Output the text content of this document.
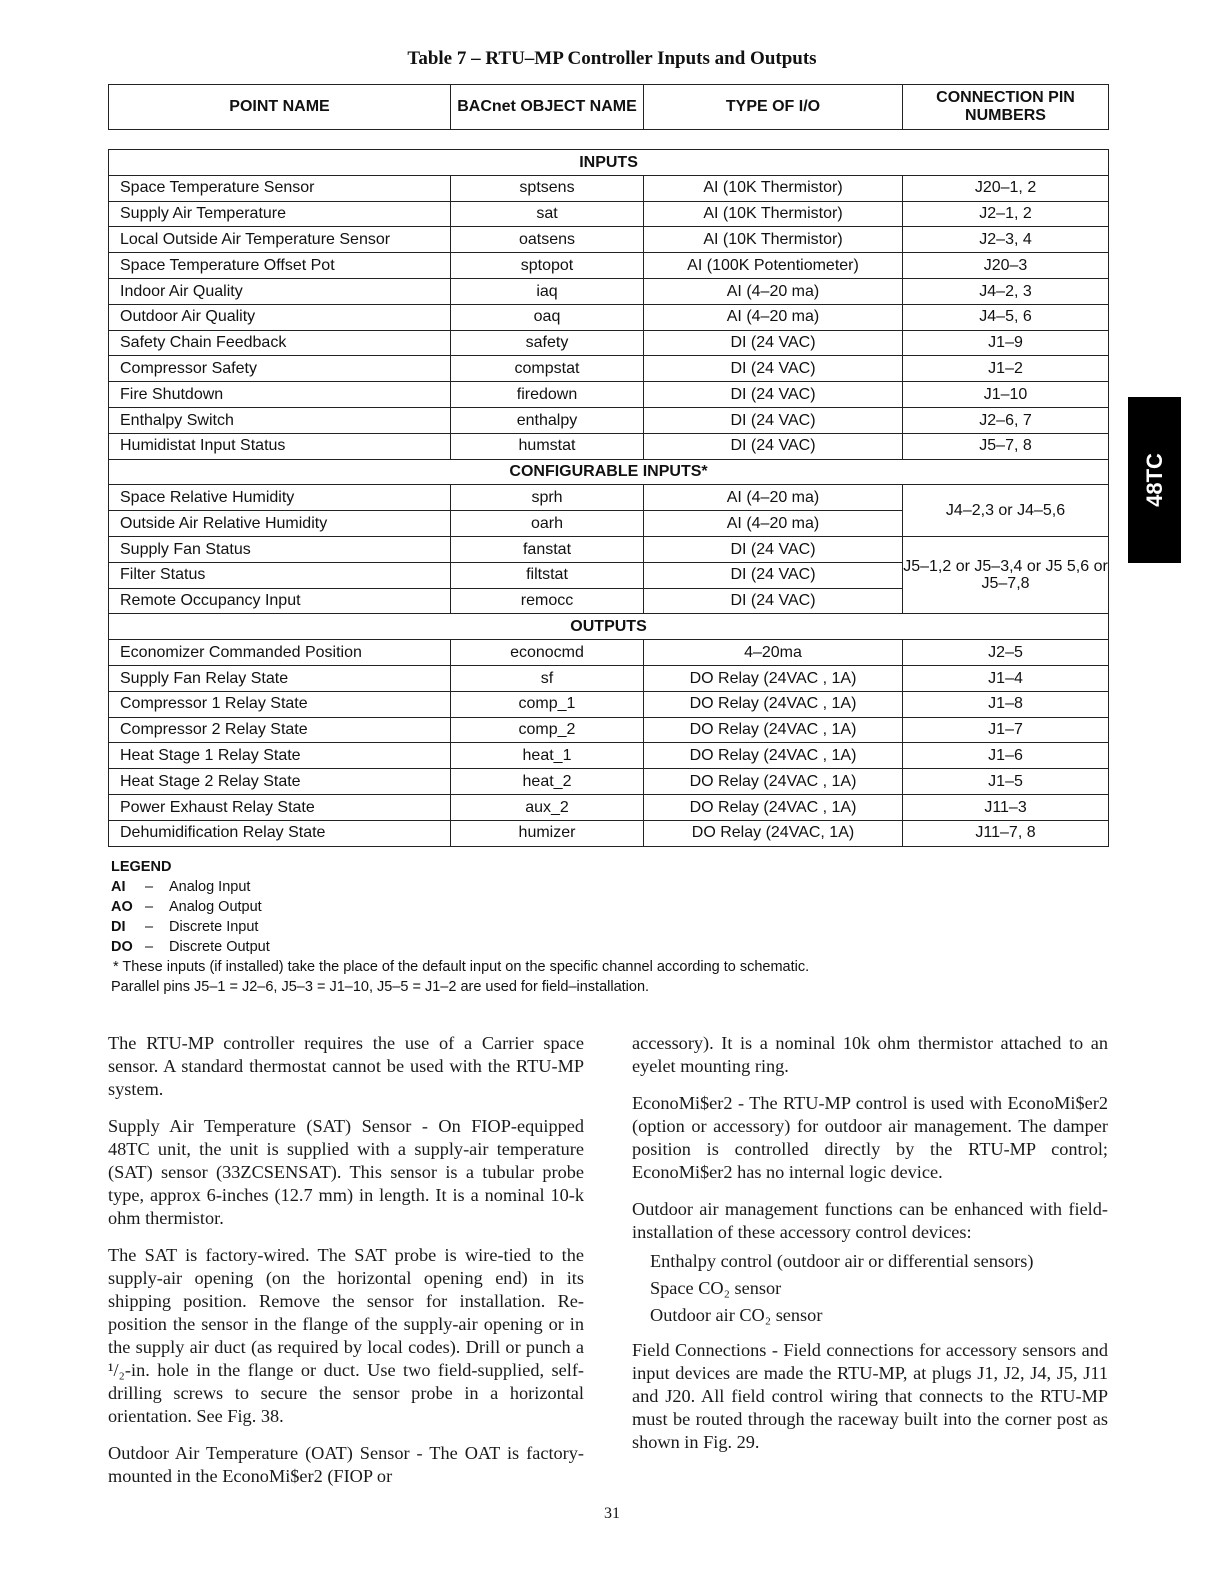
Table 7 – RTU–MP Controller Inputs and Outputs
POINT NAME	BACnet OBJECT NAME	TYPE OF I/O	CONNECTION PIN NUMBERS
INPUTS			
Space Temperature Sensor	sptsens	AI (10K Thermistor)	J20–1, 2
Supply Air Temperature	sat	AI (10K Thermistor)	J2–1, 2
Local Outside Air Temperature Sensor	oatsens	AI (10K Thermistor)	J2–3, 4
Space Temperature Offset Pot	sptopot	AI (100K Potentiometer)	J20–3
Indoor Air Quality	iaq	AI (4–20 ma)	J4–2, 3
Outdoor Air Quality	oaq	AI (4–20 ma)	J4–5, 6
Safety Chain Feedback	safety	DI (24 VAC)	J1–9
Compressor Safety	compstat	DI (24 VAC)	J1–2
Fire Shutdown	firedown	DI (24 VAC)	J1–10
Enthalpy Switch	enthalpy	DI (24 VAC)	J2–6, 7
Humidistat Input Status	humstat	DI (24 VAC)	J5–7, 8
CONFIGURABLE INPUTS*			
Space Relative Humidity	sprh	AI (4–20 ma)	J4–2,3 or J4–5,6
Outside Air Relative Humidity	oarh	AI (4–20 ma)	
Supply Fan Status	fanstat	DI (24 VAC)	J5–1,2 or J5–3,4 or J5 5,6 or J5–7,8
Filter Status	filtstat	DI (24 VAC)	
Remote Occupancy Input	remocc	DI (24 VAC)	
OUTPUTS			
Economizer Commanded Position	econocmd	4–20ma	J2–5
Supply Fan Relay State	sf	DO Relay (24VAC , 1A)	J1–4
Compressor 1 Relay State	comp_1	DO Relay (24VAC , 1A)	J1–8
Compressor 2 Relay State	comp_2	DO Relay (24VAC , 1A)	J1–7
Heat Stage 1 Relay State	heat_1	DO Relay (24VAC , 1A)	J1–6
Heat Stage 2 Relay State	heat_2	DO Relay (24VAC , 1A)	J1–5
Power Exhaust Relay State	aux_2	DO Relay (24VAC , 1A)	J11–3
Dehumidification Relay State	humizer	DO Relay (24VAC, 1A)	J11–7, 8
LEGEND
AI	–	Analog Input
AO –	Analog Output
DI	–	Discrete Input
DO –	Discrete Output
* These inputs (if installed) take the place of the default input on the specific channel according to schematic.
Parallel pins J5–1 = J2–6, J5–3 = J1–10, J5–5 = J1–2 are used for field–installation.

The RTU-MP controller requires the use of a Carrier space sensor. A standard thermostat cannot be used with the RTU-MP system.

Supply Air Temperature (SAT) Sensor - On FIOP-equipped 48TC unit, the unit is supplied with a supply-air temperature (SAT) sensor (33ZCSENSAT). This sensor is a tubular probe type, approx 6-inches (12.7 mm) in length. It is a nominal 10-k ohm thermistor.

The SAT is factory-wired. The SAT probe is wire-tied to the supply-air opening (on the horizontal opening end) in its shipping position. Remove the sensor for installation. Re-position the sensor in the flange of the supply-air opening or in the supply air duct (as required by local codes). Drill or punch a ¹/₂-in. hole in the flange or duct. Use two field-supplied, self-drilling screws to secure the sensor probe in a horizontal orientation. See Fig. 38.

Outdoor Air Temperature (OAT) Sensor - The OAT is factory-mounted in the EconoMi$er2 (FIOP or

accessory). It is a nominal 10k ohm thermistor attached to an eyelet mounting ring.

EconoMi$er2 - The RTU-MP control is used with EconoMi$er2 (option or accessory) for outdoor air management. The damper position is controlled directly by the RTU-MP control; EconoMi$er2 has no internal logic device.

Outdoor air management functions can be enhanced with field-installation of these accessory control devices:

Enthalpy control (outdoor air or differential sensors)

Space CO₂ sensor

Outdoor air CO₂ sensor

Field Connections - Field connections for accessory sensors and input devices are made the RTU-MP, at plugs J1, J2, J4, J5, J11 and J20. All field control wiring that connects to the RTU-MP must be routed through the raceway built into the corner post as shown in Fig. 29.

31
48TC
